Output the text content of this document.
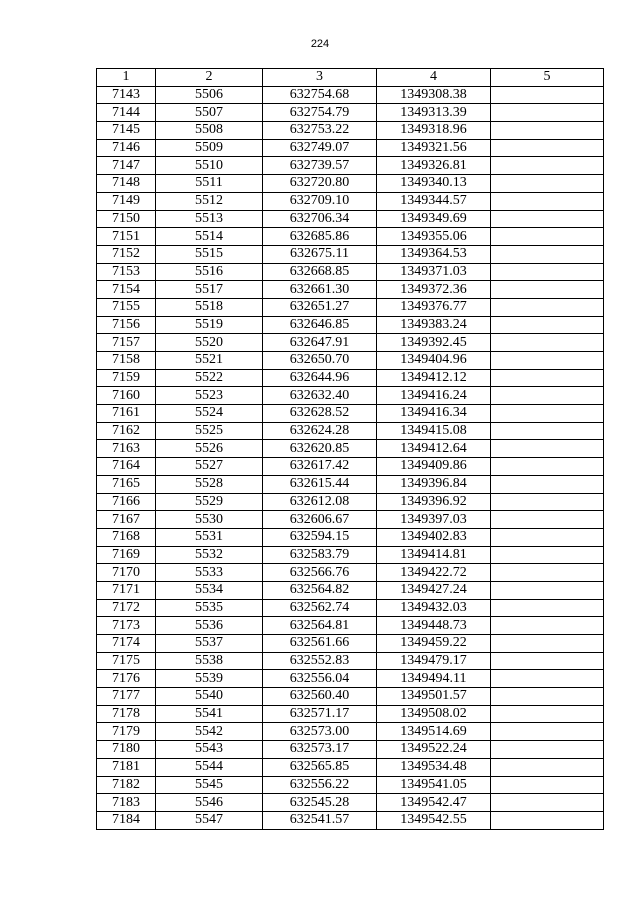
224
1	2	3	4	5
7143	5506	632754.68	1349308.38	
7144	5507	632754.79	1349313.39	
7145	5508	632753.22	1349318.96	
7146	5509	632749.07	1349321.56	
7147	5510	632739.57	1349326.81	
7148	5511	632720.80	1349340.13	
7149	5512	632709.10	1349344.57	
7150	5513	632706.34	1349349.69	
7151	5514	632685.86	1349355.06	
7152	5515	632675.11	1349364.53	
7153	5516	632668.85	1349371.03	
7154	5517	632661.30	1349372.36	
7155	5518	632651.27	1349376.77	
7156	5519	632646.85	1349383.24	
7157	5520	632647.91	1349392.45	
7158	5521	632650.70	1349404.96	
7159	5522	632644.96	1349412.12	
7160	5523	632632.40	1349416.24	
7161	5524	632628.52	1349416.34	
7162	5525	632624.28	1349415.08	
7163	5526	632620.85	1349412.64	
7164	5527	632617.42	1349409.86	
7165	5528	632615.44	1349396.84	
7166	5529	632612.08	1349396.92	
7167	5530	632606.67	1349397.03	
7168	5531	632594.15	1349402.83	
7169	5532	632583.79	1349414.81	
7170	5533	632566.76	1349422.72	
7171	5534	632564.82	1349427.24	
7172	5535	632562.74	1349432.03	
7173	5536	632564.81	1349448.73	
7174	5537	632561.66	1349459.22	
7175	5538	632552.83	1349479.17	
7176	5539	632556.04	1349494.11	
7177	5540	632560.40	1349501.57	
7178	5541	632571.17	1349508.02	
7179	5542	632573.00	1349514.69	
7180	5543	632573.17	1349522.24	
7181	5544	632565.85	1349534.48	
7182	5545	632556.22	1349541.05	
7183	5546	632545.28	1349542.47	
7184	5547	632541.57	1349542.55	
